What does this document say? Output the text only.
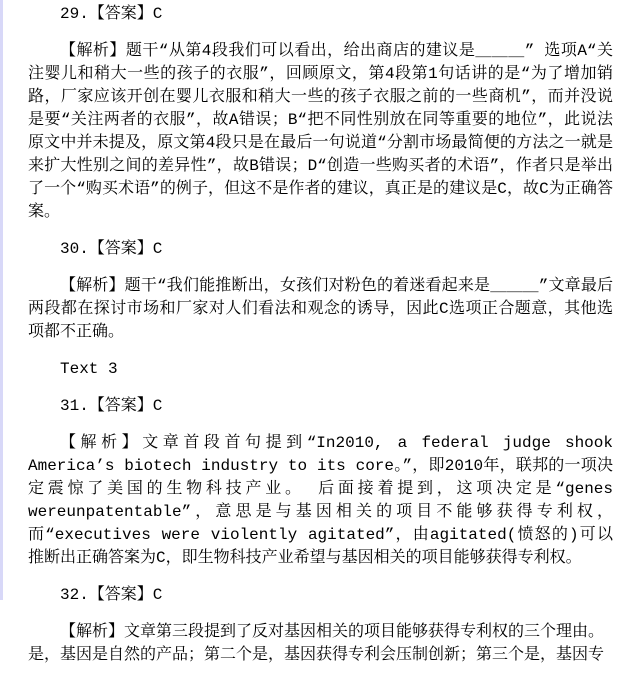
29.【答案】C

【解析】题干“从第4段我们可以看出，给出商店的建议是＿＿＿” 选项A“关注婴儿和稍大一些的孩子的衣服”，回顾原文，第4段第1句话讲的是“为了增加销路，厂家应该开创在婴儿衣服和稍大一些的孩子衣服之前的一些商机”，而并没说是要“关注两者的衣服”，故A错误；B“把不同性别放在同等重要的地位”，此说法原文中并未提及，原文第4段只是在最后一句说道“分割市场最简便的方法之一就是来扩大性别之间的差异性”，故B错误；D“创造一些购买者的术语”，作者只是举出了一个“购买术语”的例子，但这不是作者的建议，真正是的建议是C，故C为正确答案。

30.【答案】C

【解析】题干“我们能推断出，女孩们对粉色的着迷看起来是＿＿＿”文章最后两段都在探讨市场和厂家对人们看法和观念的诱导，因此C选项正合题意，其他选项都不正确。

Text 3

31.【答案】C

【解析】文章首段首句提到“In2010, a federal judge shook America’s biotech industry to its core。”，即2010年，联邦的一项决定震惊了美国的生物科技产业。 后面接着提到，这项决定是“genes wereunpatentable”，意思是与基因相关的项目不能够获得专利权，而“executives were violently agitated”，由agitated(愤怒的)可以推断出正确答案为C，即生物科技产业希望与基因相关的项目能够获得专利权。

32.【答案】C

【解析】文章第三段提到了反对基因相关的项目能够获得专利权的三个理由。

是，基因是自然的产品；第二个是，基因获得专利会压制创新；第三个是，基因专
